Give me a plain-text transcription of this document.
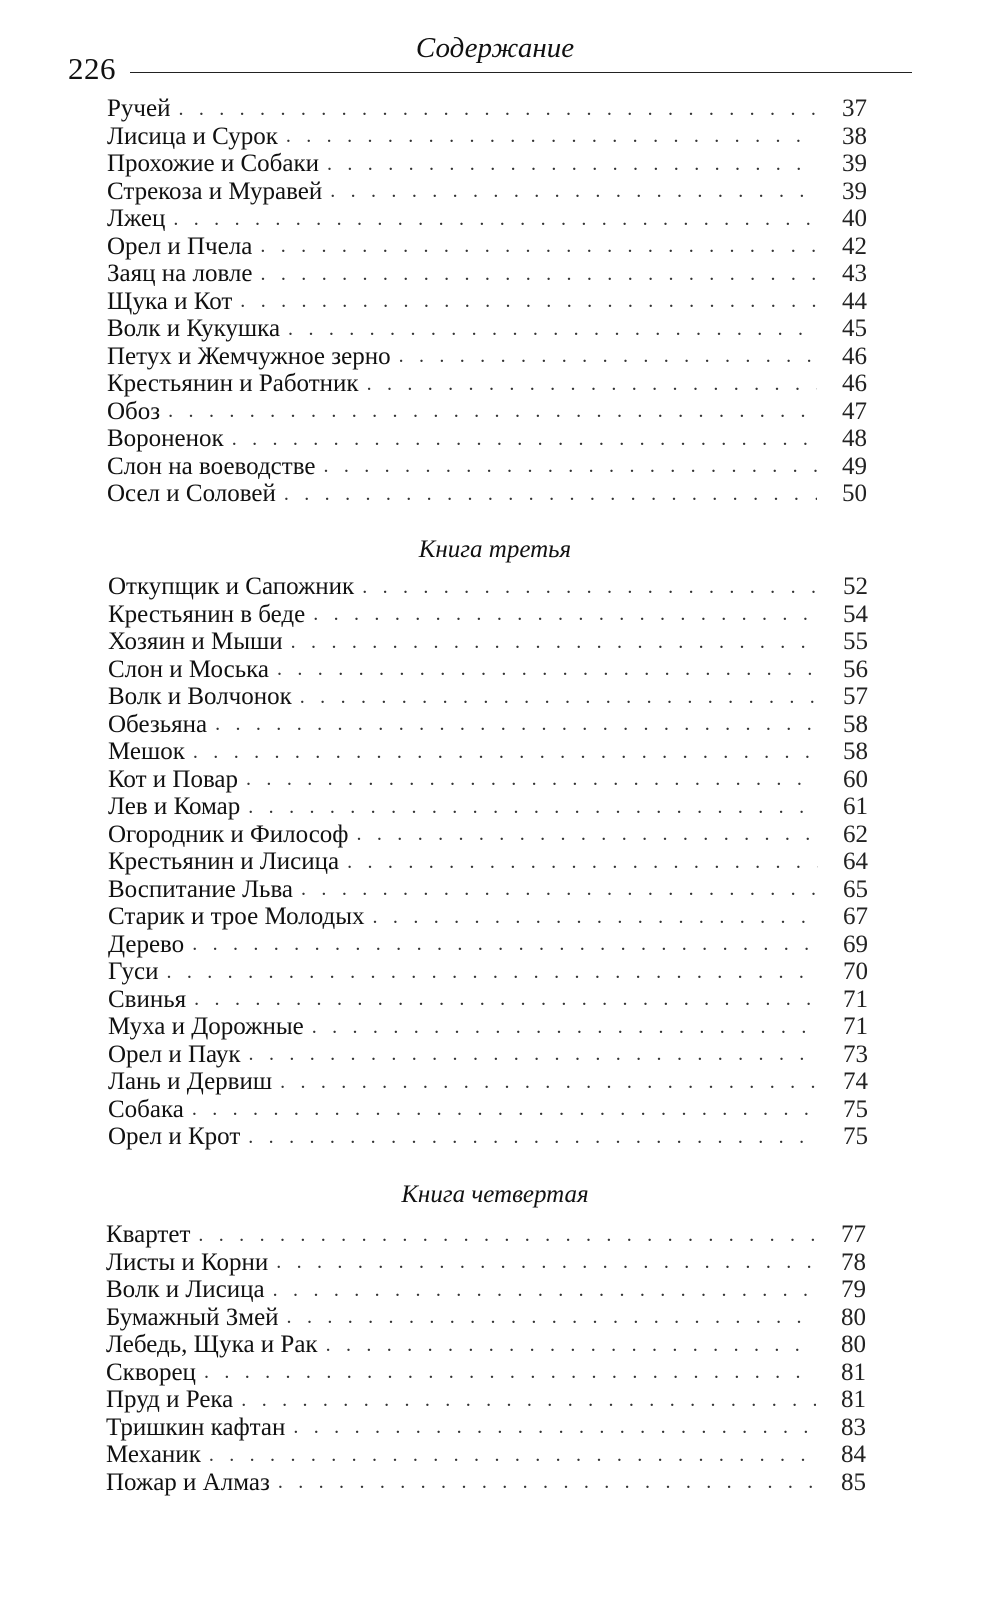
226
Содержание
Ручей . . .	37
Лисица и Сурок . . .	38
Прохожие и Собаки . . .	39
Стрекоза и Муравей . . .	39
Лжец . . .	40
Орел и Пчела . . .	42
Заяц на ловле . . .	43
Щука и Кот . . .	44
Волк и Кукушка . . .	45
Петух и Жемчужное зерно . . .	46
Крестьянин и Работник . . .	46
Обоз . . .	47
Вороненок . . .	48
Слон на воеводстве . . .	49
Осел и Соловей . . .	50
Книга третья
Откупщик и Сапожник . . .	52
Крестьянин в беде . . .	54
Хозяин и Мыши . . .	55
Слон и Моська . . .	56
Волк и Волчонок . . .	57
Обезьяна . . .	58
Мешок . . .	58
Кот и Повар . . .	60
Лев и Комар . . .	61
Огородник и Философ . . .	62
Крестьянин и Лисица . . .	64
Воспитание Льва . . .	65
Старик и трое Молодых . . .	67
Дерево . . .	69
Гуси . . .	70
Свинья . . .	71
Муха и Дорожные . . .	71
Орел и Паук . . .	73
Лань и Дервиш . . .	74
Собака . . .	75
Орел и Крот . . .	75
Книга четвертая
Квартет . . .	77
Листы и Корни . . .	78
Волк и Лисица . . .	79
Бумажный Змей . . .	80
Лебедь, Щука и Рак . . .	80
Скворец . . .	81
Пруд и Река . . .	81
Тришкин кафтан . . .	83
Механик . . .	84
Пожар и Алмаз . . .	85
